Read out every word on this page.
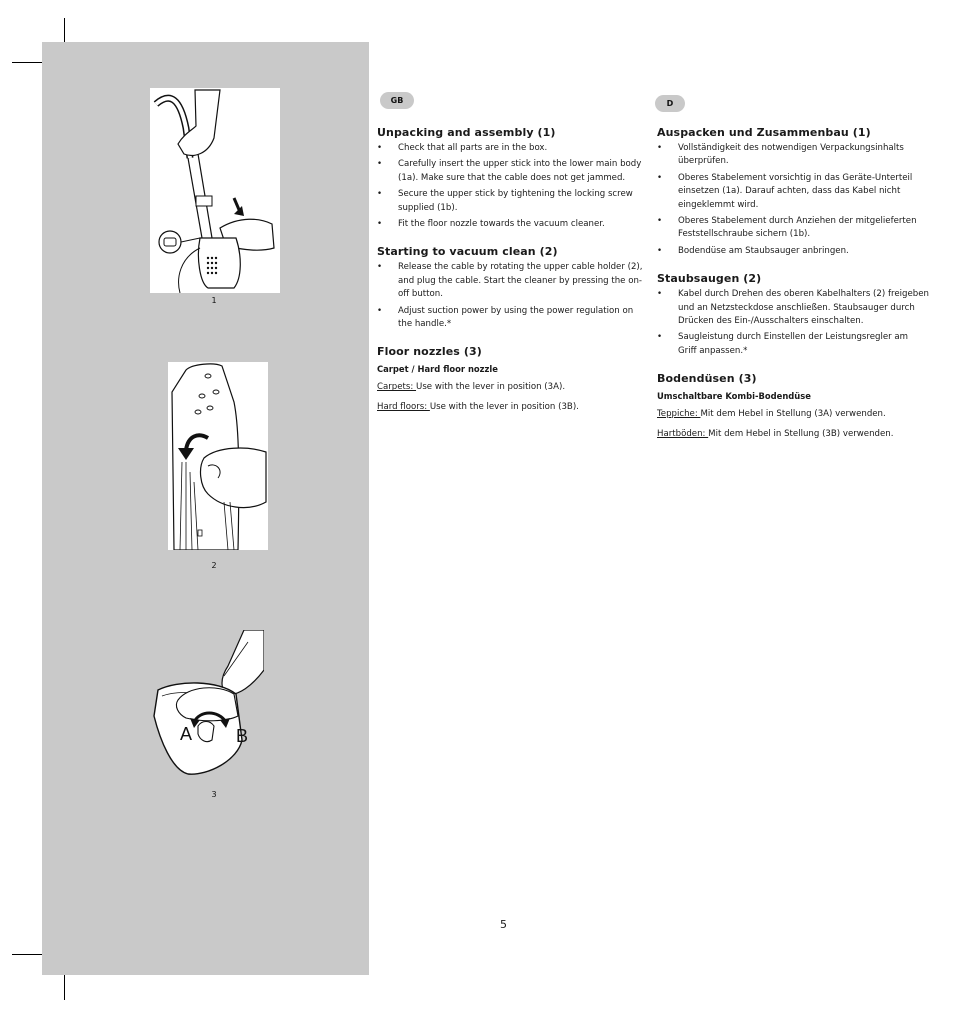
1
2
A B
3
GB	D
Unpacking and assembly (1)
• Check that all parts are in the box.
• Carefully insert the upper stick into the lower main body (1a). Make sure that the cable does not get jammed.
• Secure the upper stick by tightening the locking screw supplied (1b).
• Fit the floor nozzle towards the vacuum cleaner.
Starting to vacuum clean (2)
• Release the cable by rotating the upper cable holder (2), and plug the cable. Start the cleaner by pressing the on-off button.
• Adjust suction power by using the power regulation on the handle.*
Floor nozzles (3)
Carpet / Hard floor nozzle

Carpets: Use with the lever in position (3A).

Hard floors: Use with the lever in position (3B).

Auspacken und Zusammenbau (1)
• Vollständigkeit des notwendigen Verpackungsinhalts überprüfen.
• Oberes Stabelement vorsichtig in das Geräte-Unterteil einsetzen (1a). Darauf achten, dass das Kabel nicht eingeklemmt wird.
• Oberes Stabelement durch Anziehen der mitgelieferten Feststellschraube sichern (1b).
• Bodendüse am Staubsauger anbringen.
Staubsaugen (2)
• Kabel durch Drehen des oberen Kabelhalters (2) freigeben und an Netzsteckdose anschließen. Staubsauger durch Drücken des Ein-/Ausschalters einschalten.
• Saugleistung durch Einstellen der Leistungsregler am Griff anpassen.*
Bodendüsen (3)
Umschaltbare Kombi-Bodendüse

Teppiche: Mit dem Hebel in Stellung (3A) verwenden.

Hartböden: Mit dem Hebel in Stellung (3B) verwenden.

5
